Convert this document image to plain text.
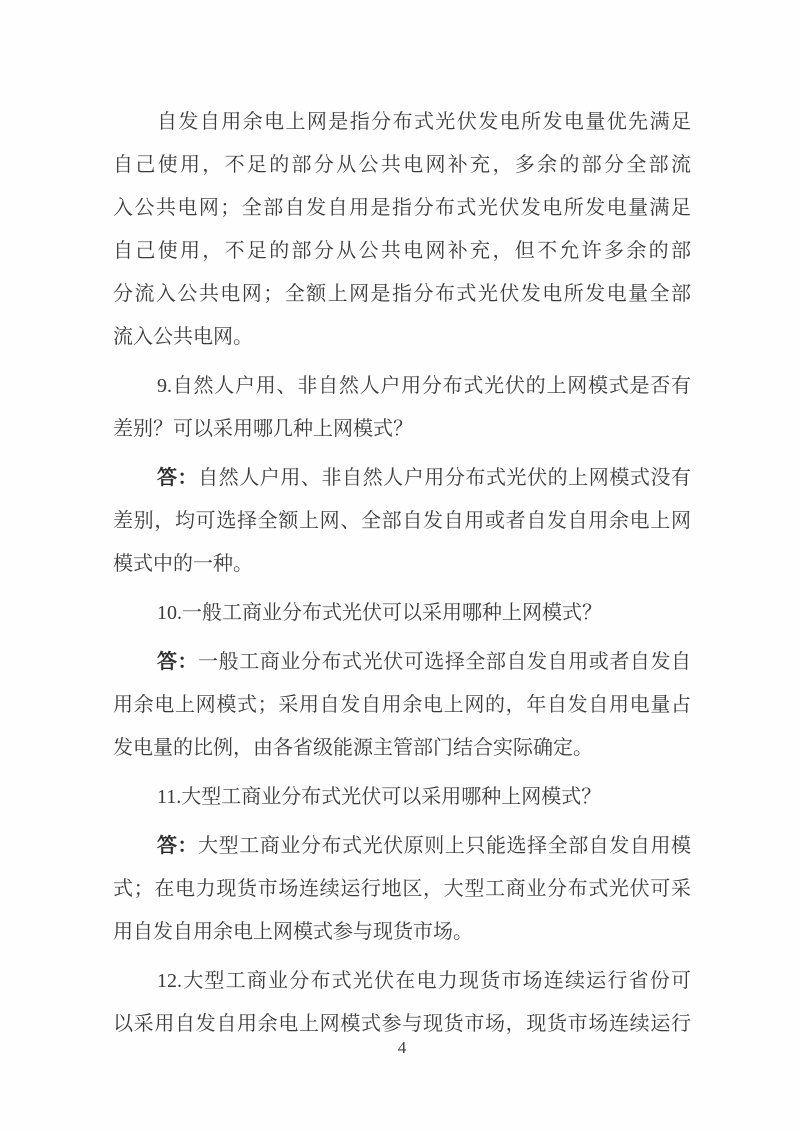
自发自用余电上网是指分布式光伏发电所发电量优先满足
自己使用，不足的部分从公共电网补充，多余的部分全部流
入公共电网；全部自发自用是指分布式光伏发电所发电量满足
自己使用，不足的部分从公共电网补充，但不允许多余的部
分流入公共电网；全额上网是指分布式光伏发电所发电量全部
流入公共电网。
9.自然人户用、非自然人户用分布式光伏的上网模式是否有
差别？可以采用哪几种上网模式？
答：自然人户用、非自然人户用分布式光伏的上网模式没有
差别，均可选择全额上网、全部自发自用或者自发自用余电上网
模式中的一种。
10.一般工商业分布式光伏可以采用哪种上网模式？
答：一般工商业分布式光伏可选择全部自发自用或者自发自
用余电上网模式；采用自发自用余电上网的，年自发自用电量占
发电量的比例，由各省级能源主管部门结合实际确定。
11.大型工商业分布式光伏可以采用哪种上网模式？
答：大型工商业分布式光伏原则上只能选择全部自发自用模
式；在电力现货市场连续运行地区，大型工商业分布式光伏可采
用自发自用余电上网模式参与现货市场。
12.大型工商业分布式光伏在电力现货市场连续运行省份可
以采用自发自用余电上网模式参与现货市场，现货市场连续运行
4
